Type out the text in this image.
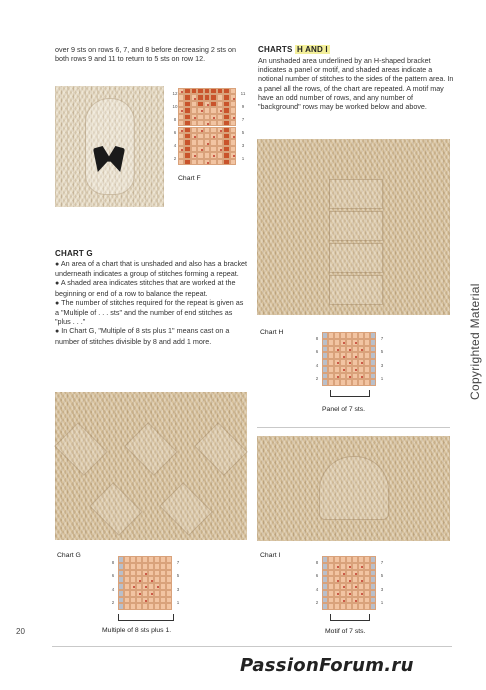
over 9 sts on rows 6, 7, and 8 before decreasing 2 sts on both rows 9 and 11 to return to 5 sts on row 12.
12
10
8
6
4
2
11
9
7
5
3
1
Chart F
CHART G
● An area of a chart that is unshaded and also has a bracket underneath indicates a group of stitches forming a repeat.
● A shaded area indicates stitches that are worked at the beginning or end of a row to balance the repeat.
● The number of stitches required for the repeat is given as a "Multiple of . . . sts" and the number of end stitches as "plus . . ."
● In Chart G, "Multiple of 8 sts plus 1" means cast on a number of stitches divisible by 8 and add 1 more.
Chart G
8
6
4
2
7
5
3
1
Multiple of 8 sts plus 1.
CHARTS H AND I
An unshaded area underlined by an H-shaped bracket indicates a panel or motif, and shaded areas indicate a notional number of stitches to the sides of the pattern area. In a panel all the rows, of the chart are repeated. A motif may have an odd number of rows, and any number of "background" rows may be worked below and above.
Chart H
8
6
4
2
7
5
3
1
Panel of 7 sts.
Chart I
8
6
4
2
7
5
3
1
Motif of 7 sts.
Copyrighted Material
20
PassionForum.ru
